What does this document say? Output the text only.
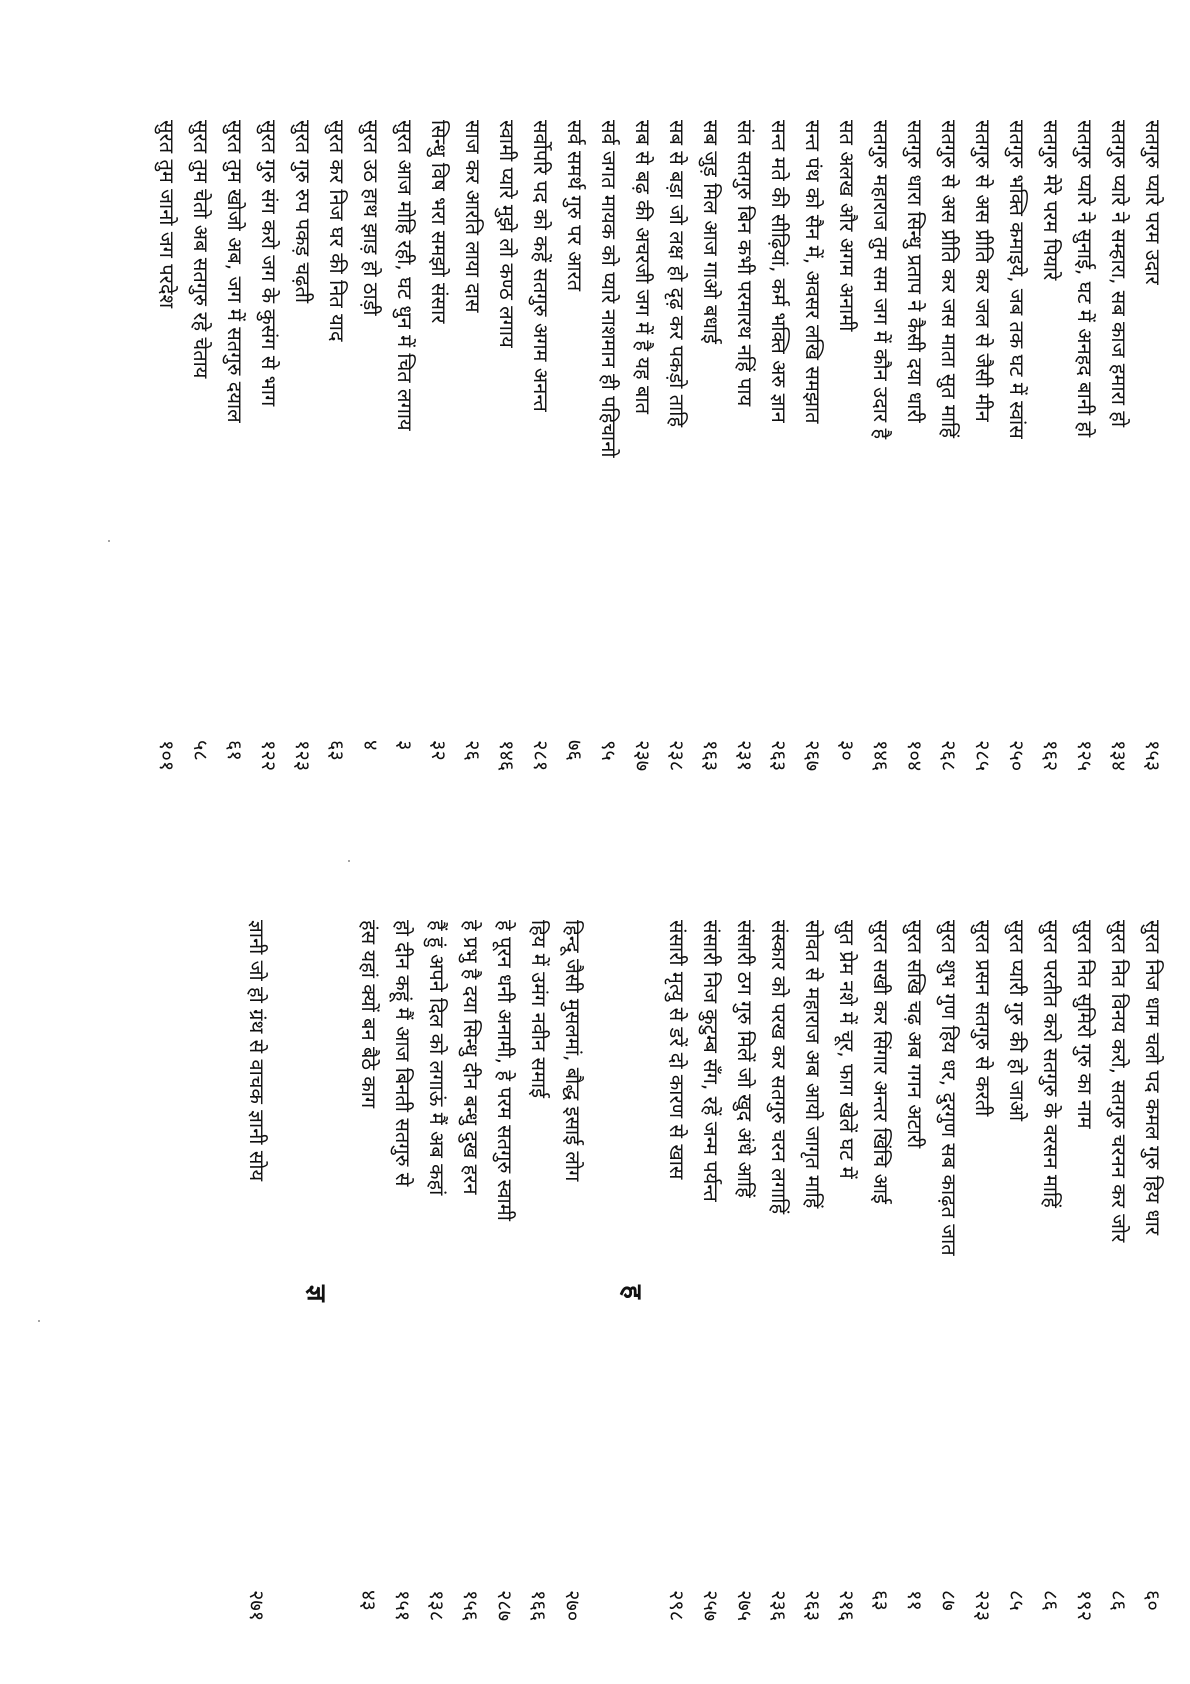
सतगुरु प्यारे परम उदार
१५३
सतगुरु प्यारे ने सम्हारा, सब काज हमारा हो
१३४
सतगुरु प्यारे ने सुनाई, घट में अनहद बानी हो
१२५
सतगुरु मेरे परम पियारे
१६२
सतगुरु भक्ति कमाइये, जब तक घट में स्वांस
२५०
सतगुरु से अस प्रीति कर जल से जैसी मीन
२८५
सतगुरु से अस प्रीति कर जस माता सुत माहिं
२६८
सतगुरु धारा सिन्धु प्रताप ने कैसी दया धारी
१०४
सतगुरु महाराज तुम सम जग में कौन उदार है
१४६
सत अलख और अगम अनामी
३०
सन्त पंथ को सैन में, अवसर लखि समझात
२६७
सन्त मते की सीढ़ियां, कर्म भक्ति अरु ज्ञान
२६३
संत सतगुरु बिन कभी परमारथ नहिं पाय
२३१
सब जुड़ मिल आज गाओ बधाई
१६३
सब से बड़ा जो लक्ष हो दृढ़ कर पकड़ो ताहि
२३८
सब से बढ़ की अचरजी जग में है यह बात
२३७
सर्व जगत मायक को प्यारे नाशमान ही पहिचानो
९५
सर्व समर्थ गुरु पर आरत
७६
सर्वोपरि पद को कहें सतगुरु अगम अनन्त
२८१
स्वामी प्यारे मुझे लो कण्ठ लगाय
१४६
साज कर आरति लाया दास
२६
सिन्धु विष भरा समझो संसार
३२
सुरत आज मोहि रही, घट धुन में चित लगाय
३
सुरत उठ हाथ झाड़ हो ठाड़ी
४
सुरत कर निज घर की नित याद
६३
सुरत गुरु रुप पकड़ चढ़ती
१२३
सुरत गुरु संग करो जग के कुसंग से भाग
१२२
सुरत तुम खोजो अब, जग में सतगुरु दयाल
६१
सुरत तुम चेतो अब सतगुरु रहे चेताय
५८
सुरत तुम जानो जग परदेश
१०१
सुरत निज धाम चलो पद कमल गुरु हिय धार
६०
सुरत नित विनय करो, सतगुरु चरनन कर जोर
८६
सुरत नित सुमिरो गुरु का नाम
१९२
सुरत परतीत करो सतगुरु के वरसन माहिं
८६
सुरत प्यारी गुरु की हो जाओ
८५
सुरत प्रसन सतगुरु से करती
२२३
सुरत शुभ गुण हिय धर, दुरगुण सब काढ़त जात
८७
सुरत सखि चढ़ अब गगन अटारी
११
सुरत सखी कर सिंगार अन्तर खिंचि आई
६३
सुत प्रेम नशे में चूर, फाग खेलें घट में
२१६
सोवत से महाराज अब आयो जागृत माहिं
२६३
संस्कार को परख कर सतगुरु चरन लगाहिं
२३६
संसारी ठग गुरु मिलें जो खुद अंधे आहिं
२७५
संसारी निज कुटुम्ब सँग, रहें जन्म पर्यन्त
२५७
संसारी मृत्यु से डरें दो कारण से खास
२९८
ह
हिन्दू जैसी मुसलमां, बौद्ध इसाई लोग
२७०
हिय में उमंग नवीन समाई
१६६
हे पूरन धनी अनामी, हे परम सतगुरु स्वामी
२८७
हे प्रभु है दया सिन्धु दीन बन्धु दुख हरन
१५६
हैं हुं अपने दिल को लगाऊं मैं अब कहां
१३८
हो दीन कहूं मैं आज बिनती सतगुरु से
१५१
हंस यहां क्यों बन बैठे काग
४३
ज्ञ
ज्ञानी जो हो ग्रंथ से वाचक ज्ञानी सोय
२७१
